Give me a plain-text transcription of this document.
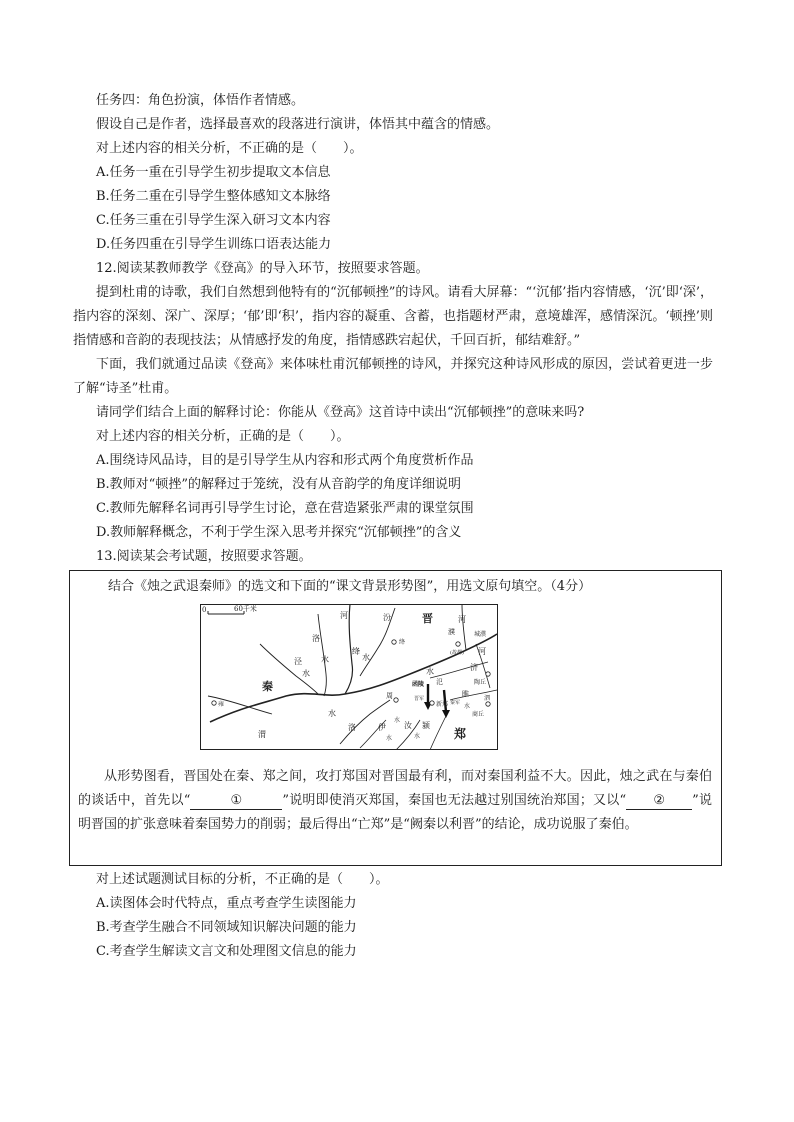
任务四：角色扮演，体悟作者情感。
假设自己是作者，选择最喜欢的段落进行演讲，体悟其中蕴含的情感。
对上述内容的相关分析，不正确的是（　　）。
A.任务一重在引导学生初步提取文本信息
B.任务二重在引导学生整体感知文本脉络
C.任务三重在引导学生深入研习文本内容
D.任务四重在引导学生训练口语表达能力
12.阅读某教师教学《登高》的导入环节，按照要求答题。
提到杜甫的诗歌，我们自然想到他特有的“沉郁顿挫”的诗风。请看大屏幕：“‘沉郁’指内容情感，‘沉’即‘深’，指内容的深刻、深广、深厚；‘郁’即‘积’，指内容的凝重、含蓄，也指题材严肃，意境雄浑，感情深沉。‘顿挫’则指情感和音韵的表现技法；从情感抒发的角度，指情感跌宕起伏，千回百折，郁结难舒。”
下面，我们就通过品读《登高》来体味杜甫沉郁顿挫的诗风，并探究这种诗风形成的原因，尝试着更进一步了解“诗圣”杜甫。
请同学们结合上面的解释讨论：你能从《登高》这首诗中读出“沉郁顿挫”的意味来吗?
对上述内容的相关分析，正确的是（　　）。
A.围绕诗风品诗，目的是引导学生从内容和形式两个角度赏析作品
B.教师对“顿挫”的解释过于笼统，没有从音韵学的角度详细说明
C.教师先解释名词再引导学生讨论，意在营造紧张严肃的课堂氛围
D.教师解释概念，不利于学生深入思考并探究“沉郁顿挫”的含义
13.阅读某会考试题，按照要求答题。
结合《烛之武退秦师》的选文和下面的“课文背景形势图”，用选文原句填空。（4分）
0	60千米
河	汾	晋
绛
洛
水
绛
水
泾
水
秦
雍
渭
水
河
周
水
洛	伊
水
汝 颍
水	郑
新郑
函陵
晋军
秦军
氾
济
水
濮	城濮
陶丘
商丘
河
睢
水
泗
(故都)
从形势图看，晋国处在秦、郑之间，攻打郑国对晋国最有利，而对秦国利益不大。因此，烛之武在与秦伯的谈话中，首先以“	①	”说明即使消灭郑国，秦国也无法越过别国统治郑国；又以“ ② ”说明晋国的扩张意味着秦国势力的削弱；最后得出“亡郑”是“阙秦以利晋”的结论，成功说服了秦伯。
对上述试题测试目标的分析，不正确的是（　　）。
A.读图体会时代特点，重点考查学生读图能力
B.考查学生融合不同领域知识解决问题的能力
C.考查学生解读文言文和处理图文信息的能力
